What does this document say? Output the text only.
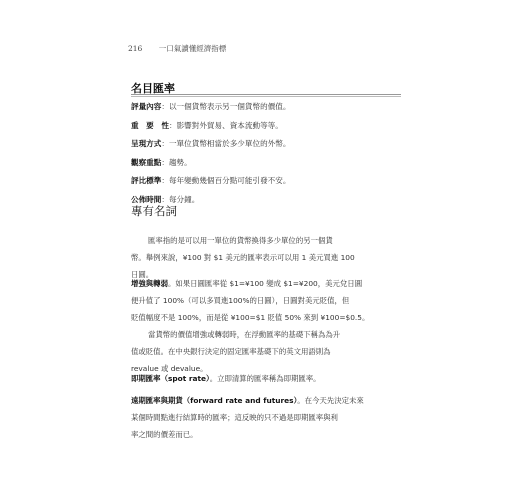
216 一口氣讀懂經濟指標
名目匯率
評量內容：以一個貨幣表示另一個貨幣的價值。
重　要　性：影響對外貿易、資本流動等等。
呈現方式：一單位貨幣相當於多少單位的外幣。
觀察重點：趨勢。
評比標準：每年變動幾個百分點可能引發不安。
公佈時間：每分鐘。
專有名詞
匯率指的是可以用一單位的貨幣換得多少單位的另一個貨
幣。舉例來說，¥100 對 $1 美元的匯率表示可以用 1 美元買進 100
日圓。
增強與轉弱。如果日圓匯率從 $1=¥100 變成 $1=¥200，美元兌日圓
便升值了 100%（可以多買進100%的日圓），日圓對美元貶值，但
貶值幅度不是 100%，而是從 ¥100=$1 貶值 50% 來到 ¥100=$0.5。
當貨幣的價值增強或轉弱時，在浮動匯率的基礎下稱為為升
值或貶值。在中央銀行決定的固定匯率基礎下的英文用語則為
revalue 或 devalue。
即期匯率（spot rate）。立即清算的匯率稱為即期匯率。
遠期匯率與期貨（forward rate and futures）。在今天先決定未來
某個時間點進行結算時的匯率；這反映的只不過是即期匯率與利
率之間的價差而已。
